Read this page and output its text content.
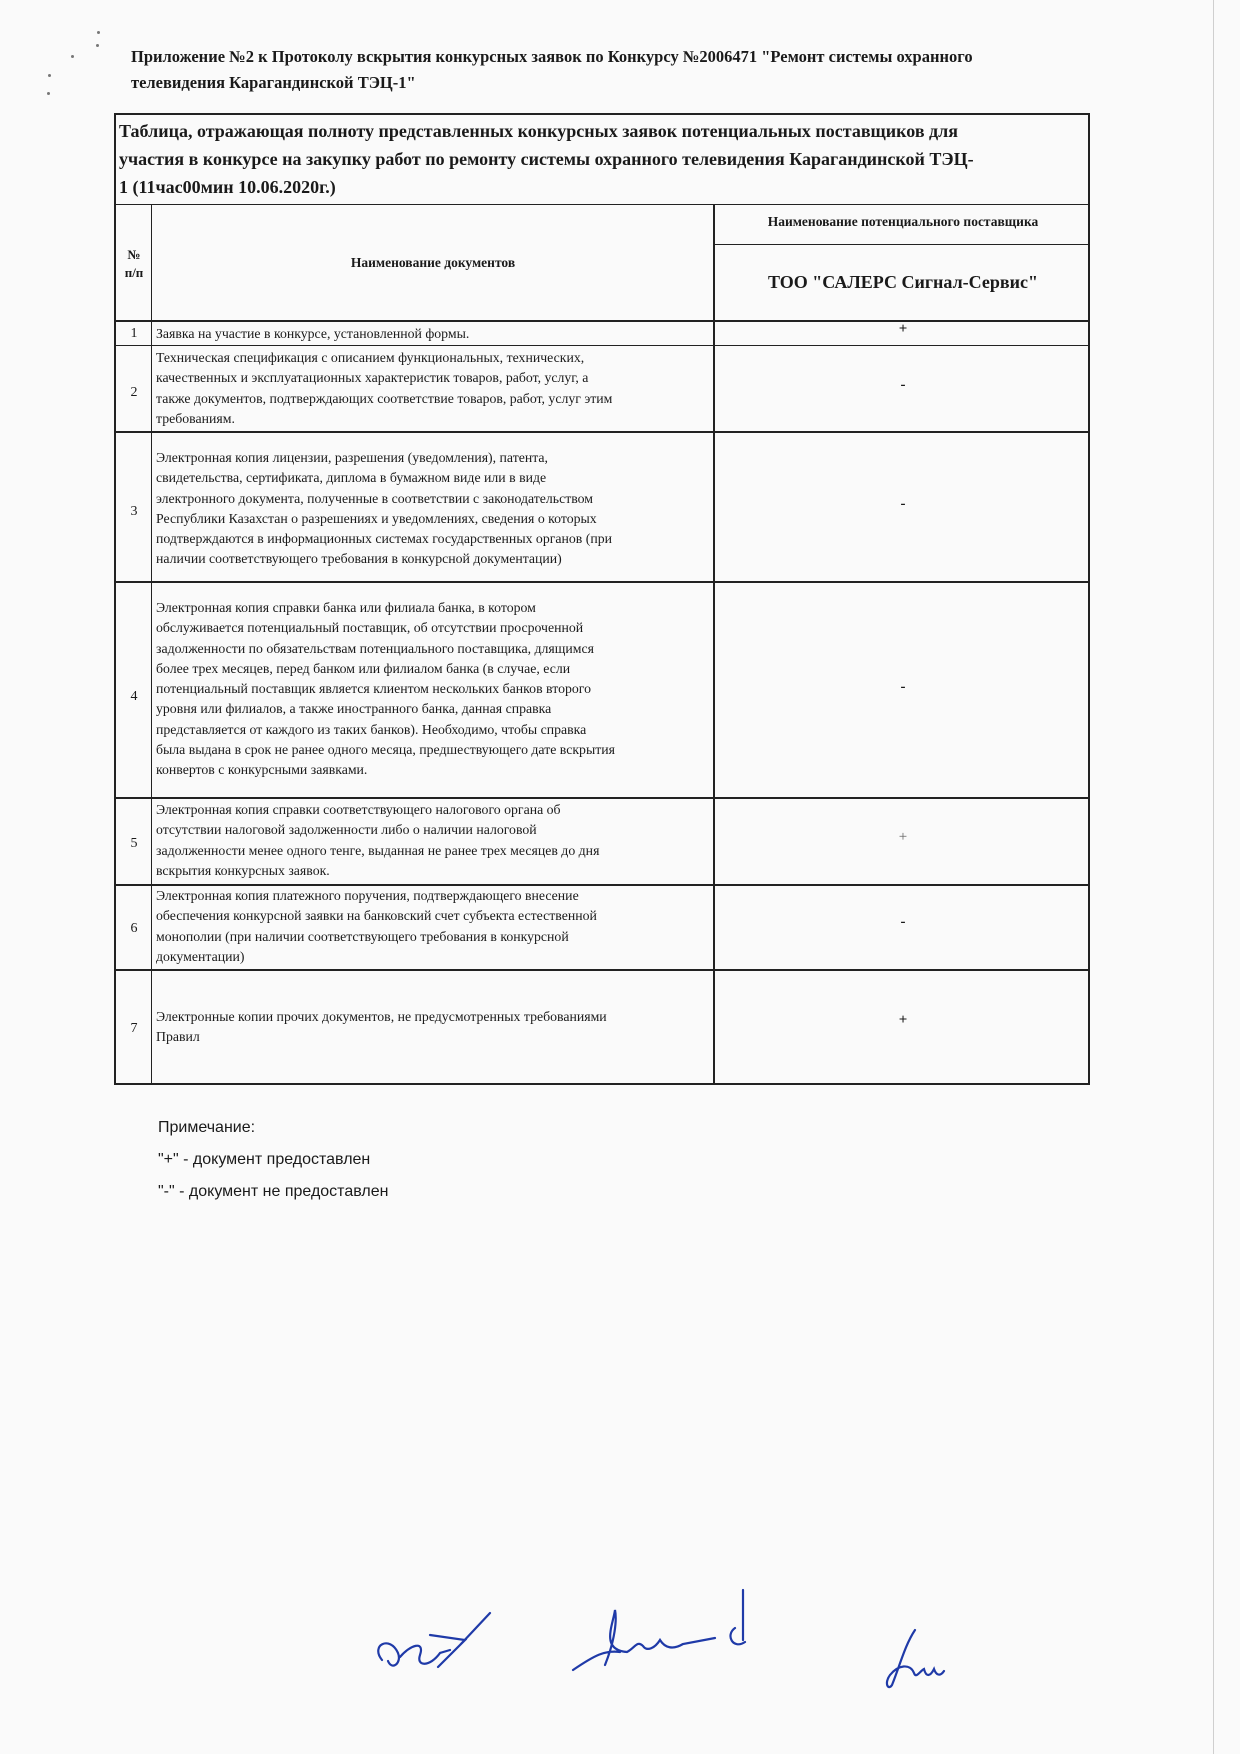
Приложение №2 к Протоколу вскрытия конкурсных заявок по Конкурсу №2006471 "Ремонт системы охранного
телевидения Карагандинской ТЭЦ-1"
Таблица, отражающая полноту представленных конкурсных заявок потенциальных поставщиков для
участия в конкурсе на закупку работ по ремонту системы охранного телевидения Карагандинской ТЭЦ-
1 (11час00мин 10.06.2020г.)
№
п/п
Наименование документов
Наименование потенциального поставщика
ТОО "САЛЕРС Сигнал-Сервис"
1	Заявка на участие в конкурсе, установленной формы.	+
2
Техническая спецификация с описанием функциональных, технических,
качественных и эксплуатационных характеристик товаров, работ, услуг, а
также документов, подтверждающих соответствие товаров, работ, услуг этим
требованиям.
-
3
Электронная копия лицензии, разрешения (уведомления), патента,
свидетельства, сертификата, диплома в бумажном виде или в виде
электронного документа, полученные в соответствии с законодательством
Республики Казахстан о разрешениях и уведомлениях, сведения о которых
подтверждаются в информационных системах государственных органов (при
наличии соответствующего требования в конкурсной документации)
-
4
Электронная копия справки банка или филиала банка, в котором
обслуживается потенциальный поставщик, об отсутствии просроченной
задолженности по обязательствам потенциального поставщика, длящимся
более трех месяцев, перед банком или филиалом банка (в случае, если
потенциальный поставщик является клиентом нескольких банков второго
уровня или филиалов, а также иностранного банка, данная справка
представляется от каждого из таких банков). Необходимо, чтобы справка
была выдана в срок не ранее одного месяца, предшествующего дате вскрытия
конвертов с конкурсными заявками.
-
5
Электронная копия справки соответствующего налогового органа об
отсутствии налоговой задолженности либо о наличии налоговой
задолженности менее одного тенге, выданная не ранее трех месяцев до дня
вскрытия конкурсных заявок.
+
6
Электронная копия платежного поручения, подтверждающего внесение
обеспечения конкурсной заявки на банковский счет субъекта естественной
монополии (при наличии соответствующего требования в конкурсной
документации)
-
7
Электронные копии прочих документов, не предусмотренных требованиями
Правил
+
Примечание:
"+" - документ предоставлен
"-" - документ не предоставлен
